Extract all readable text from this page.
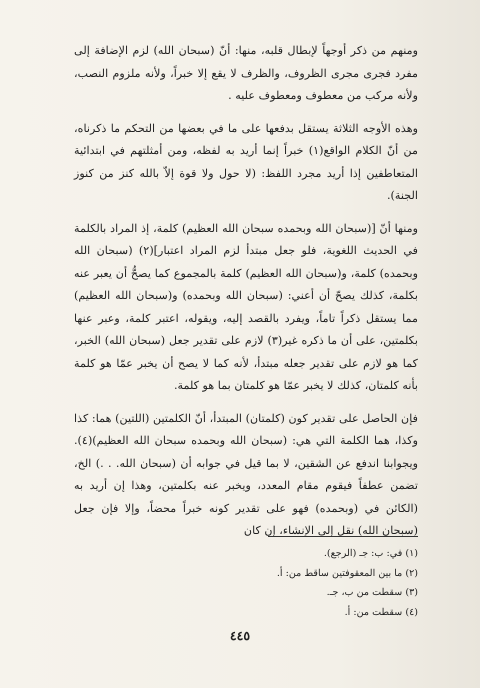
ومنهم من ذكر أوجهاً لإبطال قلبه، منها: أنّ (سبحان الله) لزم الإضافة إلى مفرد فجرى مجرى الظروف، والظرف لا يقع إلا خبراً، ولأنه ملزوم النصب، ولأنه مركب من معطوف ومعطوف عليه .

وهذه الأوجه الثلاثة يستقل بدفعها على ما في بعضها من التحكم ما ذكرناه، من أنّ الكلام الواقع(١) خبراً إنما أريد به لفظه، ومن أمثلتهم في ابتدائية المتعاطفين إذا أريد مجرد اللفظ: (لا حول ولا قوة إلاّ بالله كنز من كنوز الجنة).

ومنها أنّ [(سبحان الله وبحمده سبحان الله العظيم) كلمة، إذ المراد بالكلمة في الحديث اللغوية، فلو جعل مبتدأ لزم المراد اعتبار](٢) (سبحان الله وبحمده) كلمة، و(سبحان الله العظيم) كلمة بالمجموع كما يصحُّ أن يعبر عنه بكلمة، كذلك يصحّ أن أعني: (سبحان الله وبحمده) و(سبحان الله العظيم) مما يستقل ذكراً تاماً، ويفرد بالقصد إليه، ويقوله، اعتبر كلمة، وعبر عنها بكلمتين، على أن ما ذكره غير(٣) لازم على تقدير جعل (سبحان الله) الخبر، كما هو لازم على تقدير جعله مبتدأ، لأنه كما لا يصح أن يخبر عمّا هو كلمة بأنه كلمتان، كذلك لا يخبر عمّا هو كلمتان بما هو كلمة.

فإن الحاصل على تقدير كون (كلمتان) المبتدأ، أنّ الكلمتين (اللتين) هما: كذا وكذا، هما الكلمة التي هي: (سبحان الله وبحمده سبحان الله العظيم)(٤). ويجوابنا اندفع عن الشقين، لا بما قيل في جوابه أن (سبحان الله. . .) الخ، تضمن عطفاً فيقوم مقام المعدد، ويخبر عنه بكلمتين، وهذا إن أريد به (الكائن في (وبحمده) فهو على تقدير كونه خبراً محضاً، وإلا فإن جعل (سبحان الله) نقل إلى الإنشاء، إن كان

(١) في: ب: جـ (الرجع).
(٢) ما بين المعقوفتين ساقط من: أ.
(٣) سقطت من ب، جـ.
(٤) سقطت من: أ.
٤٤٥
